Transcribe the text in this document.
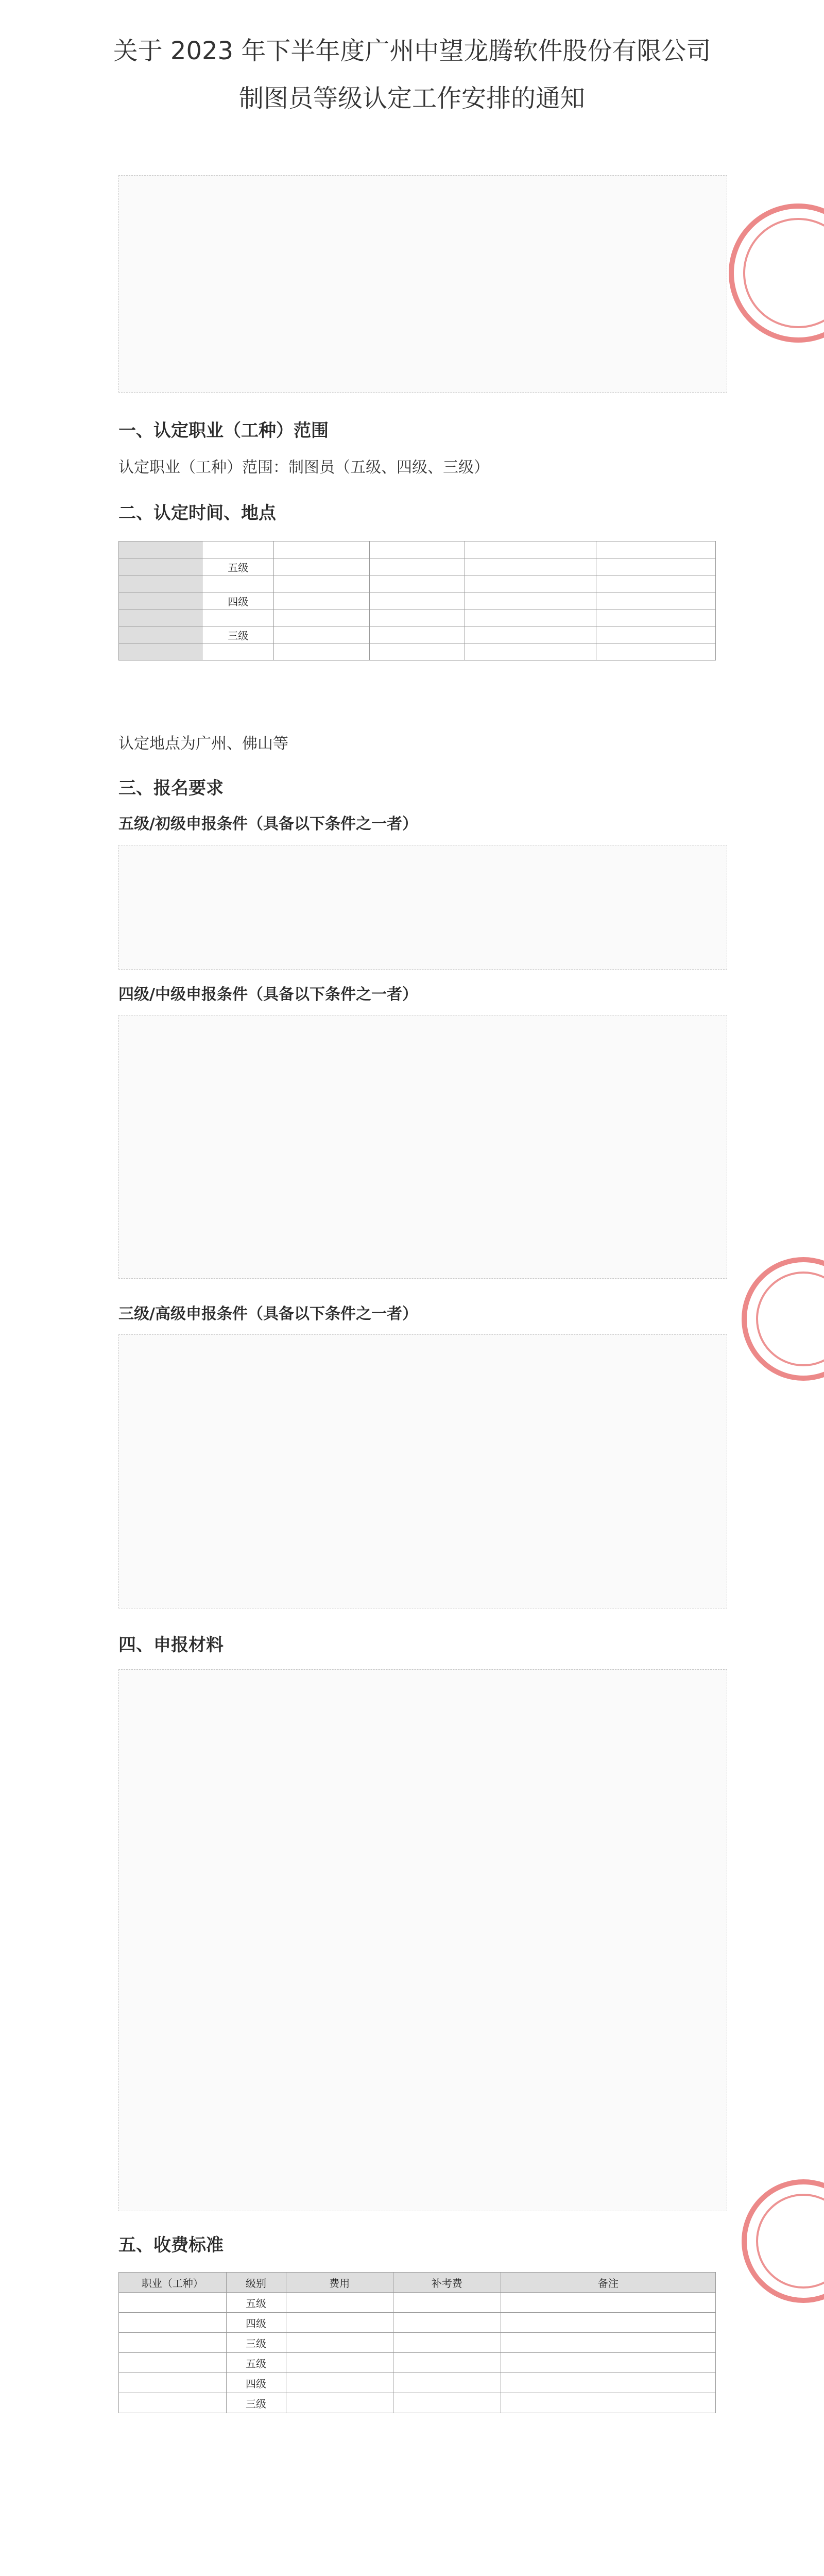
关于 2023 年下半年度广州中望龙腾软件股份有限公司
制图员等级认定工作安排的通知
一、认定职业（工种）范围
认定职业（工种）范围：制图员（五级、四级、三级）
二、认定时间、地点

	五级				

	四级				

	三级				

认定地点为广州、佛山等
三、报名要求
五级/初级申报条件（具备以下条件之一者）
四级/中级申报条件（具备以下条件之一者）
三级/高级申报条件（具备以下条件之一者）
四、申报材料
五、收费标准
职业（工种）	级别	费用	补考费	备注
	五级			
	四级			
	三级			
	五级			
	四级			
	三级			
